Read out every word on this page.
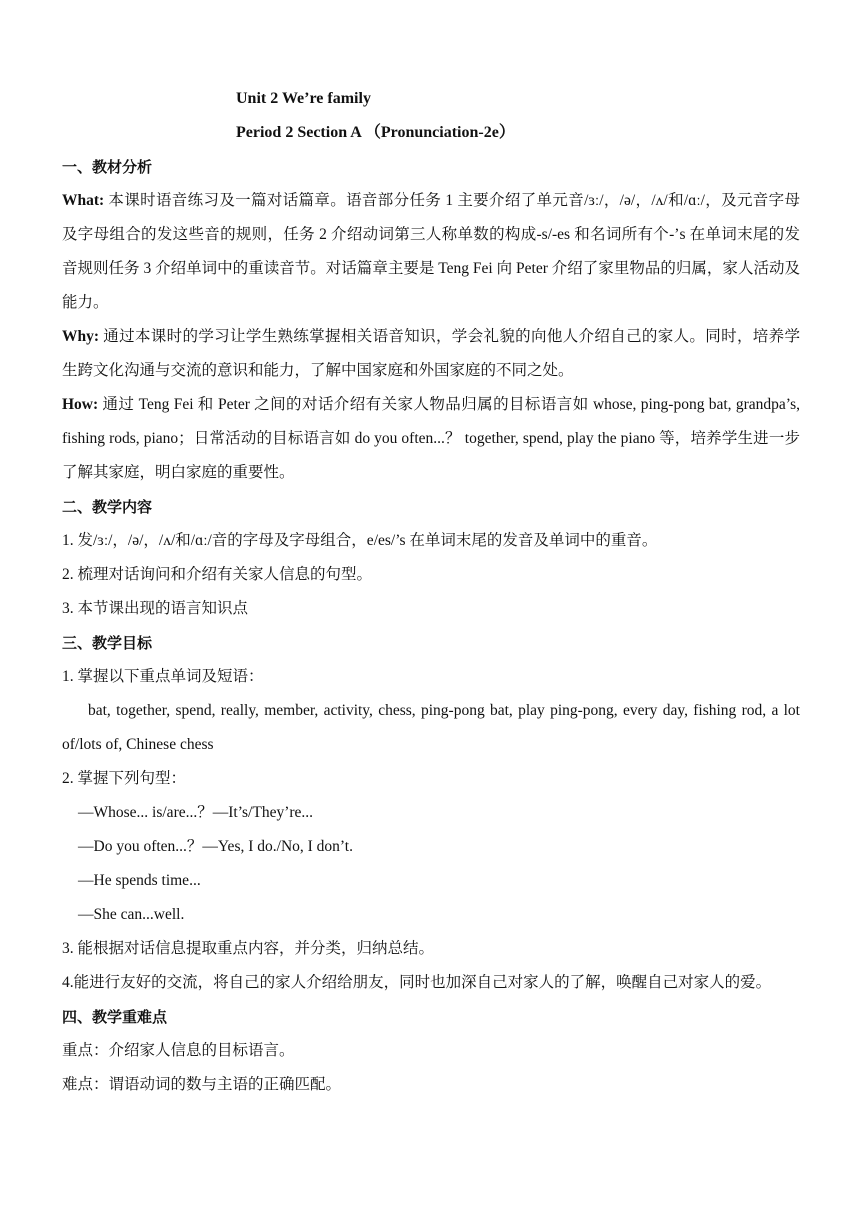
Unit 2 We’re family

Period 2 Section A （Pronunciation-2e）

一、教材分析

What: 本课时语音练习及一篇对话篇章。语音部分任务 1 主要介绍了单元音/ɜː/，/ə/，/ʌ/和/ɑː/，及元音字母及字母组合的发这些音的规则，任务 2 介绍动词第三人称单数的构成-s/-es 和名词所有个-’s 在单词末尾的发音规则任务 3 介绍单词中的重读音节。对话篇章主要是 Teng Fei 向 Peter 介绍了家里物品的归属，家人活动及能力。

Why: 通过本课时的学习让学生熟练掌握相关语音知识，学会礼貌的向他人介绍自己的家人。同时，培养学生跨文化沟通与交流的意识和能力，了解中国家庭和外国家庭的不同之处。

How: 通过 Teng Fei 和 Peter 之间的对话介绍有关家人物品归属的目标语言如 whose, ping-pong bat, grandpa’s, fishing rods, piano；日常活动的目标语言如 do you often...？ together, spend, play the piano 等，培养学生进一步了解其家庭，明白家庭的重要性。

二、教学内容

1. 发/ɜː/，/ə/，/ʌ/和/ɑː/音的字母及字母组合，e/es/’s 在单词末尾的发音及单词中的重音。

2. 梳理对话询问和介绍有关家人信息的句型。

3. 本节课出现的语言知识点

三、教学目标

1. 掌握以下重点单词及短语：

bat, together, spend, really, member, activity, chess, ping-pong bat, play ping-pong, every day, fishing rod, a lot of/lots of, Chinese chess

2. 掌握下列句型：

—Whose... is/are...？—It’s/They’re...

—Do you often...？—Yes, I do./No, I don’t.

—He spends time...

—She can...well.

3. 能根据对话信息提取重点内容，并分类，归纳总结。

4.能进行友好的交流，将自己的家人介绍给朋友，同时也加深自己对家人的了解，唤醒自己对家人的爱。

四、教学重难点

重点：介绍家人信息的目标语言。

难点：谓语动词的数与主语的正确匹配。
